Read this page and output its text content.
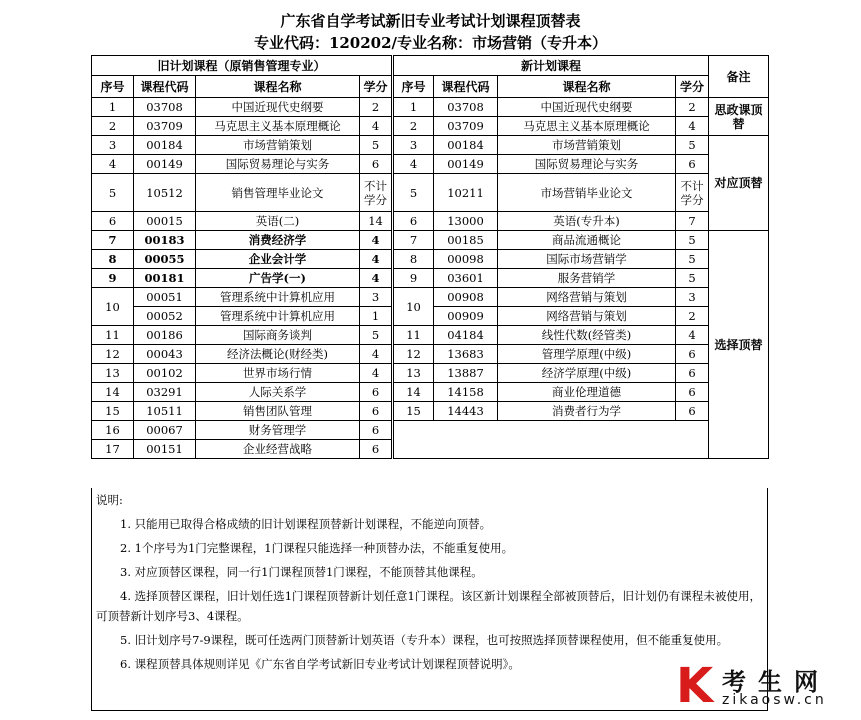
广东省自学考试新旧专业考试计划课程顶替表
专业代码：120202/专业名称：市场营销（专升本）
旧计划课程（原销售管理专业）				新计划课程				备注
序号	课程代码	课程名称	学分	序号	课程代码	课程名称	学分	
1	03708	中国近现代史纲要	2	1	03708	中国近现代史纲要	2	思政课顶替
2	03709	马克思主义基本原理概论	4	2	03709	马克思主义基本原理概论	4	
3	00184	市场营销策划	5	3	00184	市场营销策划	5	对应顶替
4	00149	国际贸易理论与实务	6	4	00149	国际贸易理论与实务	6	
5	10512	销售管理毕业论文	不计学分	5	10211	市场营销毕业论文	不计学分	
6	00015	英语(二)	14	6	13000	英语(专升本)	7	
7	00183	消费经济学	4	7	00185	商品流通概论	5	选择顶替
8	00055	企业会计学	4	8	00098	国际市场营销学	5	
9	00181	广告学(一)	4	9	03601	服务营销学	5	
10	00051	管理系统中计算机应用	3	10	00908	网络营销与策划	3	
	00052	管理系统中计算机应用	1		00909	网络营销与策划	2	
11	00186	国际商务谈判	5	11	04184	线性代数(经管类)	4	
12	00043	经济法概论(财经类)	4	12	13683	管理学原理(中级)	6	
13	00102	世界市场行情	4	13	13887	经济学原理(中级)	6	
14	03291	人际关系学	6	14	14158	商业伦理道德	6	
15	10511	销售团队管理	6	15	14443	消费者行为学	6	
16	00067	财务管理学	6					
17	00151	企业经营战略	6					
说明:

1. 只能用已取得合格成绩的旧计划课程顶替新计划课程，不能逆向顶替。

2. 1个序号为1门完整课程，1门课程只能选择一种顶替办法，不能重复使用。

3. 对应顶替区课程，同一行1门课程顶替1门课程，不能顶替其他课程。

4. 选择顶替区课程，旧计划任选1门课程顶替新计划任意1门课程。该区新计划课程全部被顶替后，旧计划仍有课程未被使用，可顶替新计划序号3、4课程。

5. 旧计划序号7-9课程，既可任选两门顶替新计划英语（专升本）课程，也可按照选择顶替课程使用，但不能重复使用。

6. 课程顶替具体规则详见《广东省自学考试新旧专业考试计划课程顶替说明》。	K 考生网
zikaosw.cn
